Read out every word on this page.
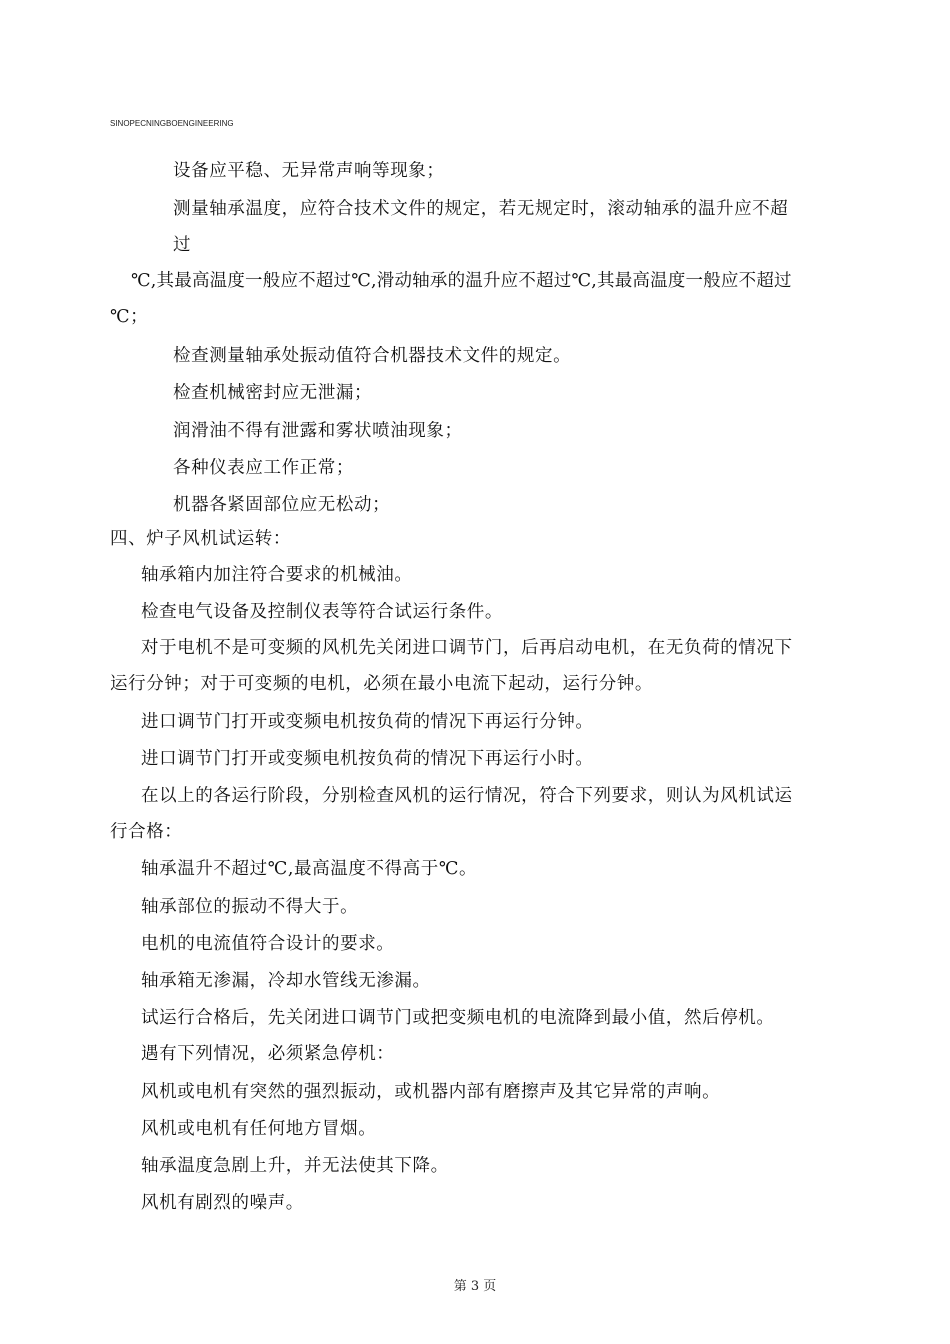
SINOPECNINGBOENGINEERING
设备应平稳、无异常声响等现象；
测量轴承温度，应符合技术文件的规定，若无规定时，滚动轴承的温升应不超
过
℃,其最高温度一般应不超过℃,滑动轴承的温升应不超过℃,其最高温度一般应不超过
℃；
检查测量轴承处振动值符合机器技术文件的规定。
检查机械密封应无泄漏；
润滑油不得有泄露和雾状喷油现象；
各种仪表应工作正常；
机器各紧固部位应无松动；
四、炉子风机试运转：
轴承箱内加注符合要求的机械油。
检查电气设备及控制仪表等符合试运行条件。
对于电机不是可变频的风机先关闭进口调节门，后再启动电机，在无负荷的情况下
运行分钟；对于可变频的电机，必须在最小电流下起动，运行分钟。
进口调节门打开或变频电机按负荷的情况下再运行分钟。
进口调节门打开或变频电机按负荷的情况下再运行小时。
在以上的各运行阶段，分别检查风机的运行情况，符合下列要求，则认为风机试运
行合格：
轴承温升不超过℃,最高温度不得高于℃。
轴承部位的振动不得大于。
电机的电流值符合设计的要求。
轴承箱无渗漏，冷却水管线无渗漏。
试运行合格后，先关闭进口调节门或把变频电机的电流降到最小值，然后停机。
遇有下列情况，必须紧急停机：
风机或电机有突然的强烈振动，或机器内部有磨擦声及其它异常的声响。
风机或电机有任何地方冒烟。
轴承温度急剧上升，并无法使其下降。
风机有剧烈的噪声。
第 3 页
